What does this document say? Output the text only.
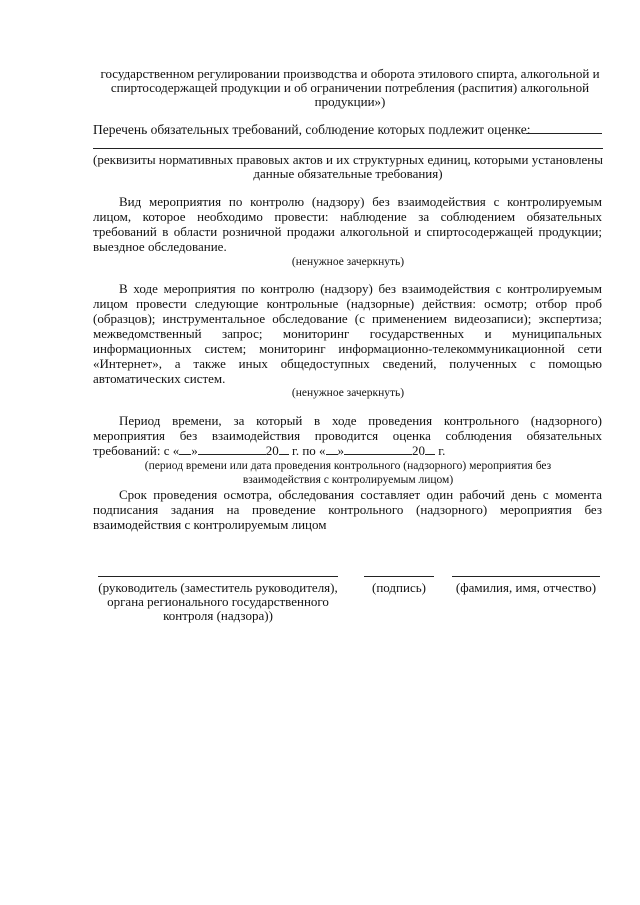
государственном регулировании производства и оборота этилового спирта, алкогольной и
спиртосодержащей продукции и об ограничении потребления (распития) алкогольной
продукции»)
Перечень обязательных требований, соблюдение которых подлежит оценке:
(реквизиты нормативных правовых актов и их структурных единиц, которыми установлены
данные обязательные требования)
Вид мероприятия по контролю (надзору) без взаимодействия с контролируемым
лицом, которое необходимо провести: наблюдение за соблюдением обязательных
требований в области розничной продажи алкогольной и спиртосодержащей продукции;
выездное обследование.
(ненужное зачеркнуть)
В ходе мероприятия по контролю (надзору) без взаимодействия с контролируемым
лицом провести следующие контрольные (надзорные) действия: осмотр; отбор проб
(образцов); инструментальное обследование (с применением видеозаписи); экспертиза;
межведомственный запрос; мониторинг государственных и муниципальных
информационных систем; мониторинг информационно-телекоммуникационной сети
«Интернет», а также иных общедоступных сведений, полученных с помощью
автоматических систем.
(ненужное зачеркнуть)
Период времени, за который в ходе проведения контрольного (надзорного)
мероприятия без взаимодействия проводится оценка соблюдения обязательных
требований: с « »	20 г. по « »	20 г.
(период времени или дата проведения контрольного (надзорного) мероприятия без
взаимодействия с контролируемым лицом)
Срок проведения осмотра, обследования составляет один рабочий день с момента
подписания задания на проведение контрольного (надзорного) мероприятия без
взаимодействия с контролируемым лицом
(руководитель (заместитель руководителя),
органа регионального государственного
контроля (надзора))
(подпись)	(фамилия, имя, отчество)
